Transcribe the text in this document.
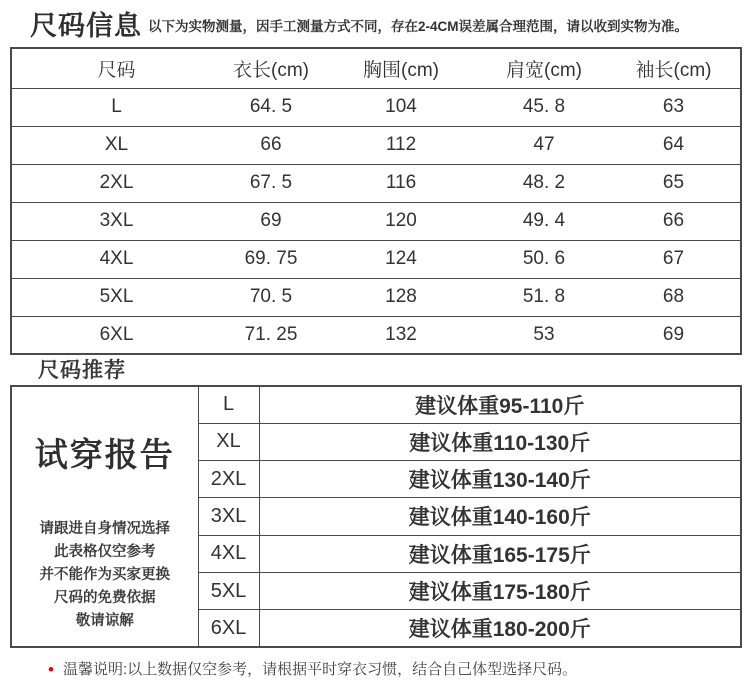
尺码信息 以下为实物测量，因手工测量方式不同，存在2-4CM误差属合理范围，请以收到实物为准。
尺码	衣长(cm)	胸围(cm)	肩宽(cm)	袖长(cm)
L	64. 5	104	45. 8	63
XL	66	112	47	64
2XL	67. 5	116	48. 2	65
3XL	69	120	49. 4	66
4XL	69. 75	124	50. 6	67
5XL	70. 5	128	51. 8	68
6XL	71. 25	132	53	69
尺码推荐
试穿报告
请跟进自身情况选择
此表格仅空参考
并不能作为买家更换
尺码的免费依据
敬请谅解
	L	建议体重95-110斤
	XL	建议体重110-130斤
	2XL	建议体重130-140斤
	3XL	建议体重140-160斤
	4XL	建议体重165-175斤
	5XL	建议体重175-180斤
	6XL	建议体重180-200斤
• 温馨说明:以上数据仅空参考，请根据平时穿衣习惯，结合自己体型选择尺码。
